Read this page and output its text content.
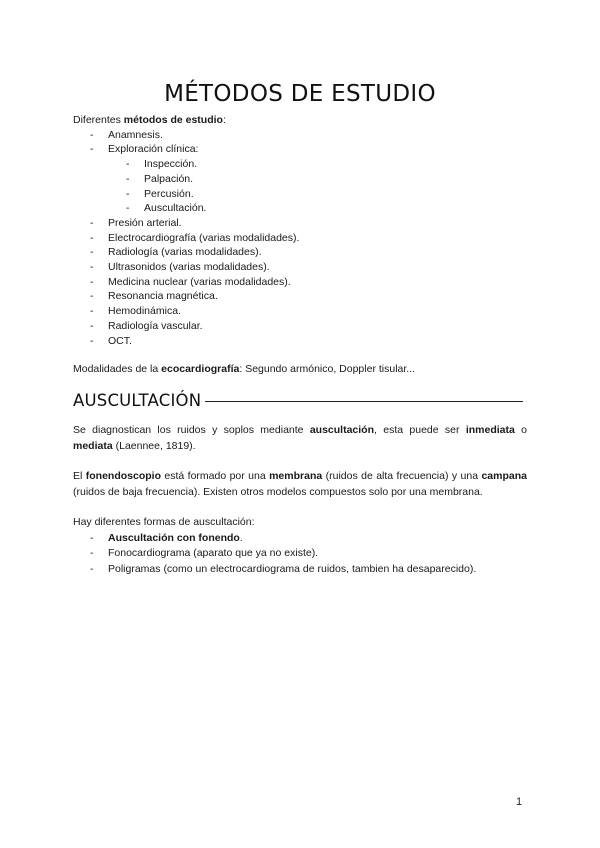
MÉTODOS DE ESTUDIO

Diferentes métodos de estudio:

- Anamnesis.
- Exploración clínica:
- Inspección.
- Palpación.
- Percusión.
- Auscultación.
- Presión arterial.
- Electrocardiografía (varias modalidades).
- Radiología (varias modalidades).
- Ultrasonidos (varias modalidades).
- Medicina nuclear (varias modalidades).
- Resonancia magnética.
- Hemodinámica.
- Radiología vascular.
- OCT.

Modalidades de la ecocardiografía: Segundo armónico, Doppler tisular...

AUSCULTACIÓN

Se diagnostican los ruidos y soplos mediante auscultación, esta puede ser inmediata o mediata (Laennee, 1819).

El fonendoscopio está formado por una membrana (ruidos de alta frecuencia) y una campana (ruidos de baja frecuencia). Existen otros modelos compuestos solo por una membrana.

Hay diferentes formas de auscultación:

- Auscultación con fonendo.
- Fonocardiograma (aparato que ya no existe).
- Poligramas (como un electrocardiograma de ruidos, tambien ha desaparecido).
1
